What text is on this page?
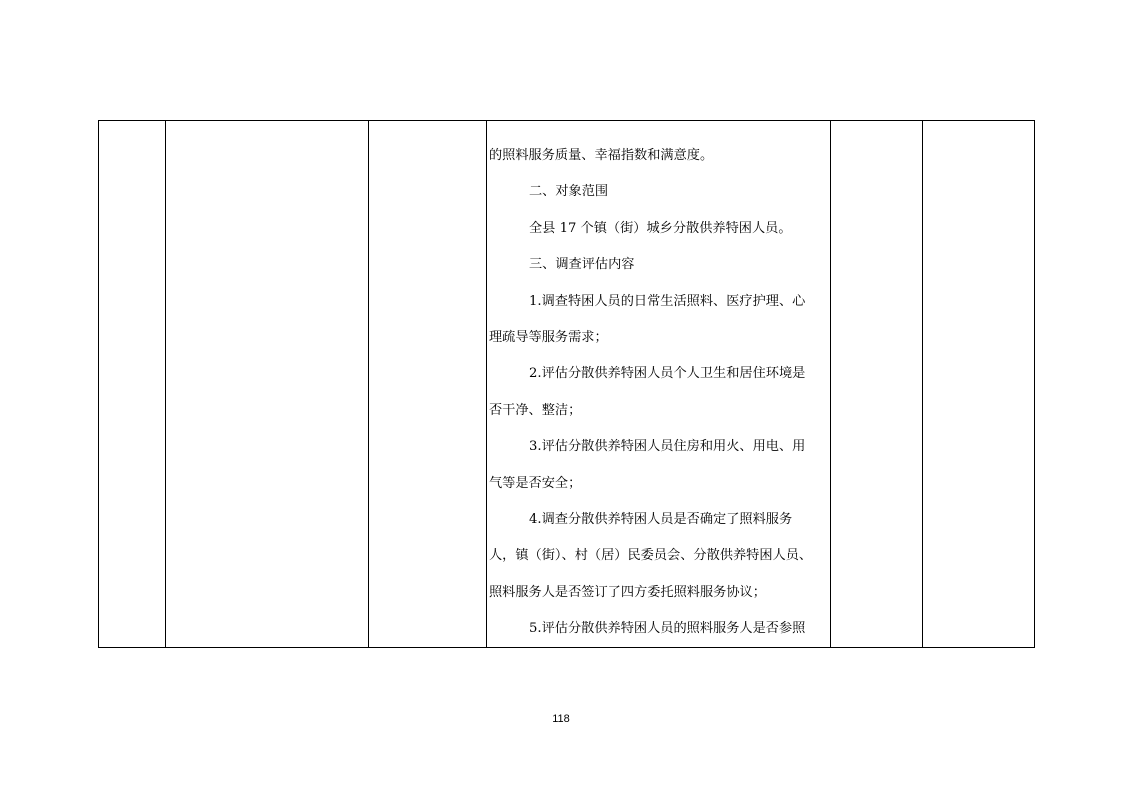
的照料服务质量、幸福指数和满意度。
二、对象范围
全县 17 个镇（街）城乡分散供养特困人员。
三、调查评估内容
1.调查特困人员的日常生活照料、医疗护理、心
理疏导等服务需求；
2.评估分散供养特困人员个人卫生和居住环境是
否干净、整洁；
3.评估分散供养特困人员住房和用火、用电、用
气等是否安全；
4.调查分散供养特困人员是否确定了照料服务
人，镇（街）、村（居）民委员会、分散供养特困人员、
照料服务人是否签订了四方委托照料服务协议；
5.评估分散供养特困人员的照料服务人是否参照

118
